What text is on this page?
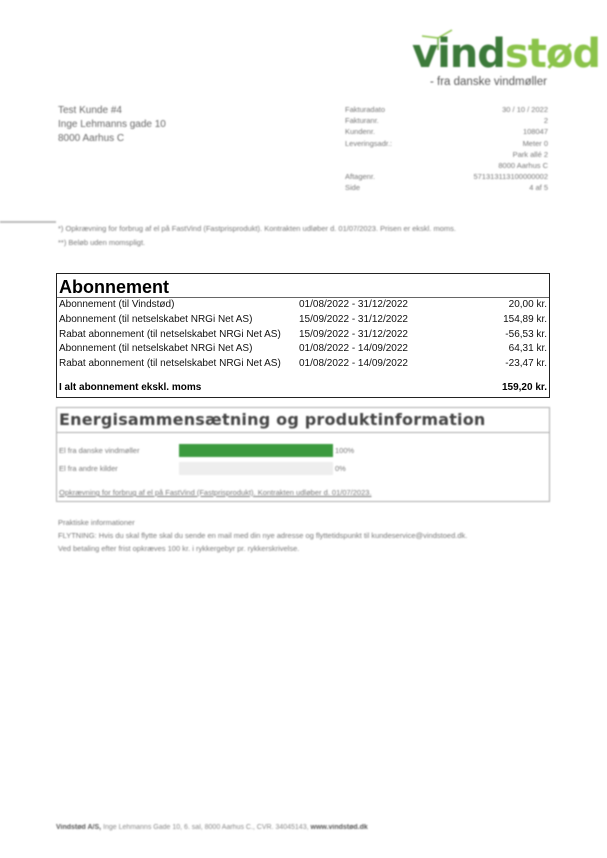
vindstød
- fra danske vindmøller
Test Kunde #4
Inge Lehmanns gade 10
8000 Aarhus C
Fakturadato	30 / 10 / 2022
Fakturanr.	2
Kundenr.	108047
Leveringsadr.:	Meter 0
Park allé 2
8000 Aarhus C
Aftagenr.	571313113100000002
Side	4 af 5

*) Opkrævning for forbrug af el på FastVind (Fastprisprodukt). Kontrakten udløber d. 01/07/2023. Prisen er ekskl. moms.

**) Beløb uden momspligt.

Abonnement
Abonnement (til Vindstød)	01/08/2022 - 31/12/2022	20,00 kr.
Abonnement (til netselskabet NRGi Net AS)	15/09/2022 - 31/12/2022	154,89 kr.
Rabat abonnement (til netselskabet NRGi Net AS)	15/09/2022 - 31/12/2022	-56,53 kr.
Abonnement (til netselskabet NRGi Net AS)	01/08/2022 - 14/09/2022	64,31 kr.
Rabat abonnement (til netselskabet NRGi Net AS)	01/08/2022 - 14/09/2022	-23,47 kr.
I alt abonnement ekskl. moms	159,20 kr.
Energisammensætning og produktinformation
El fra danske vindmøller	100%
El fra andre kilder	0%
Opkrævning for forbrug af el på FastVind (Fastprisprodukt). Kontrakten udløber d. 01/07/2023.

Praktiske informationer

FLYTNING: Hvis du skal flytte skal du sende en mail med din nye adresse og flyttetidspunkt til kundeservice@vindstoed.dk.

Ved betaling efter frist opkræves 100 kr. i rykkergebyr pr. rykkerskrivelse.

Vindstød A/S, Inge Lehmanns Gade 10, 6. sal, 8000 Aarhus C., CVR. 34045143, www.vindstød.dk
